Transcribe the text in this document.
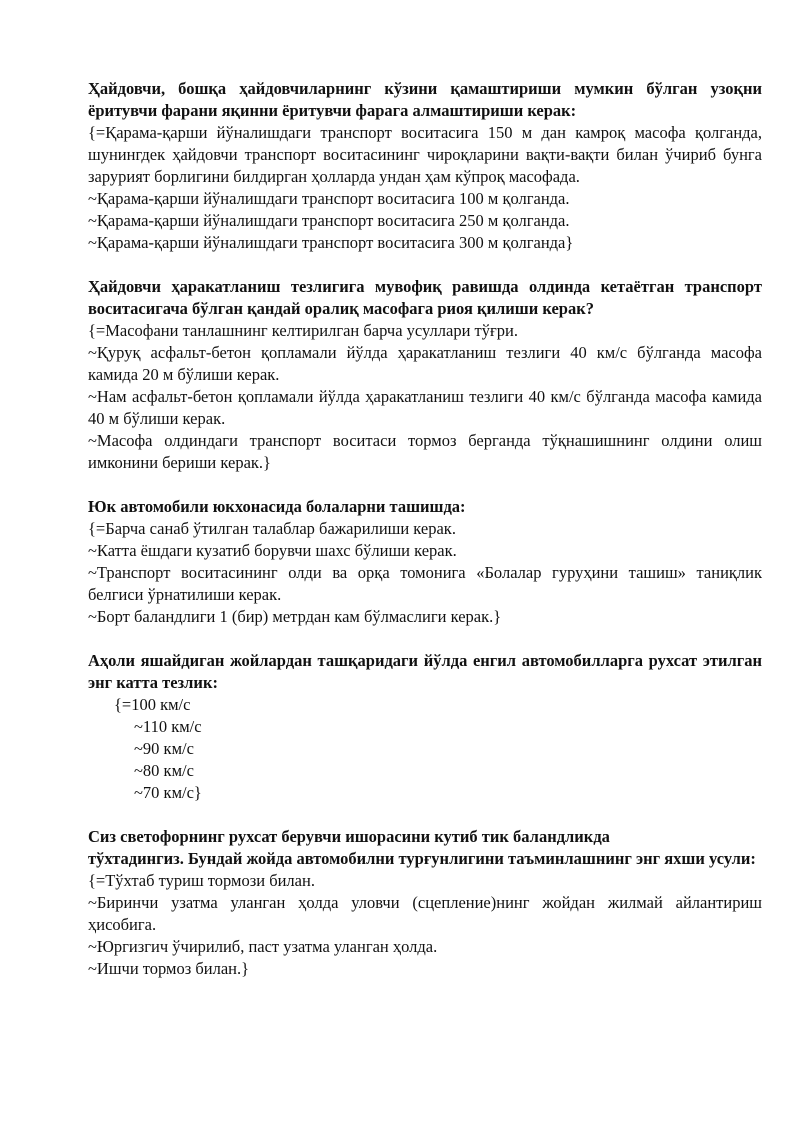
Ҳайдовчи, бошқа ҳайдовчиларнинг кўзини қамаштириши мумкин бўлган узоқни ёритувчи фарани яқинни ёритувчи фарага алмаштириши керак:
{=Қарама-қарши йўналишдаги транспорт воситасига 150 м дан камроқ масофа қолганда, шунингдек ҳайдовчи транспорт воситасининг чироқларини вақти-вақти билан ўчириб бунга зарурият борлигини билдирган ҳолларда ундан ҳам кўпроқ масофада.
~Қарама-қарши йўналишдаги транспорт воситасига 100 м қолганда.
~Қарама-қарши йўналишдаги транспорт воситасига 250 м қолганда.
~Қарама-қарши йўналишдаги транспорт воситасига 300 м қолганда}
Ҳайдовчи ҳаракатланиш тезлигига мувофиқ равишда олдинда кетаётган транспорт воситасигача бўлган қандай оралиқ масофага риоя қилиши керак?
{=Масофани танлашнинг келтирилган барча усуллари тўғри.
~Қуруқ асфальт-бетон қопламали йўлда ҳаракатланиш тезлиги 40 км/с бўлганда масофа камида 20 м бўлиши керак.
~Нам асфальт-бетон қопламали йўлда ҳаракатланиш тезлиги 40 км/с бўлганда масофа камида 40 м бўлиши керак.
~Масофа олдиндаги транспорт воситаси тормоз берганда тўқнашишнинг олдини олиш имконини бериши керак.}
Юк автомобили юкхонасида болаларни ташишда:
{=Барча санаб ўтилган талаблар бажарилиши керак.
~Катта ёшдаги кузатиб борувчи шахс бўлиши керак.
~Транспорт воситасининг олди ва орқа томонига «Болалар гуруҳини ташиш» таниқлик белгиси ўрнатилиши керак.
~Борт баландлиги 1 (бир) метрдан кам бўлмаслиги керак.}
Аҳоли яшайдиган жойлардан ташқаридаги йўлда енгил автомобилларга рухсат этилган энг катта тезлик:
{=100 км/с
~110 км/с
~90 км/с
~80 км/с
~70 км/с}
Сиз светофорнинг рухсат берувчи ишорасини кутиб тик баландликда
тўхтадингиз. Бундай жойда автомобилни турғунлигини таъминлашнинг энг яхши усули:
{=Тўхтаб туриш тормози билан.
~Биринчи узатма уланган ҳолда уловчи (сцепление)нинг жойдан жилмай айлантириш ҳисобига.
~Юргизгич ўчирилиб, паст узатма уланган ҳолда.
~Ишчи тормоз билан.}
